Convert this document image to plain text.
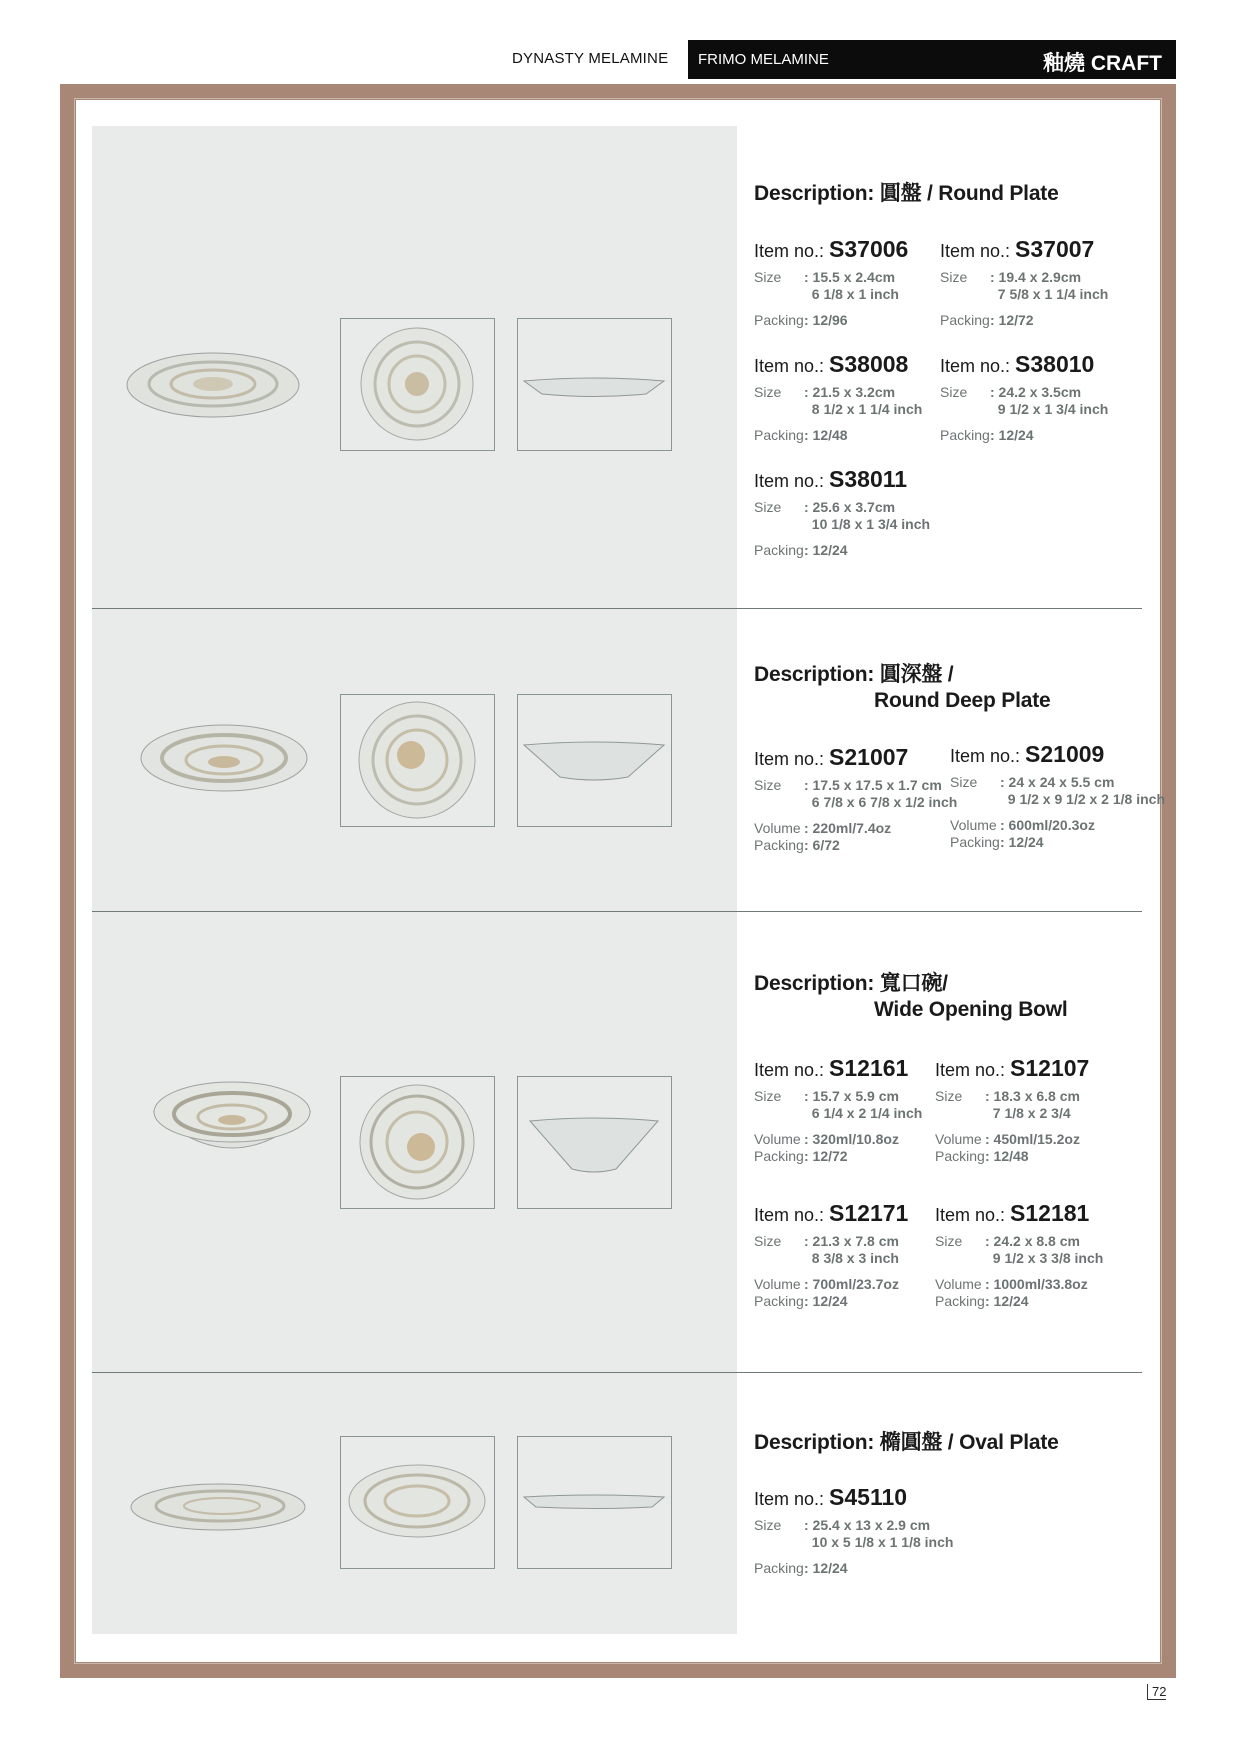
DYNASTY MELAMINE FRIMO MELAMINE	釉燒 CRAFT
Description: 圓盤 / Round Plate
Item no.: S37006
Size	: 15.5 x 2.4cm
6 1/8 x 1 inch
Packing : 12/96
Item no.: S37007
Size	: 19.4 x 2.9cm
7 5/8 x 1 1/4 inch
Packing : 12/72
Item no.: S38008
Size	: 21.5 x 3.2cm
8 1/2 x 1 1/4 inch
Packing : 12/48
Item no.: S38010
Size	: 24.2 x 3.5cm
9 1/2 x 1 3/4 inch
Packing : 12/24
Item no.: S38011
Size	: 25.6 x 3.7cm
10 1/8 x 1 3/4 inch
Packing : 12/24
Description: 圓深盤 /
Round Deep Plate
Item no.: S21007
Size	: 17.5 x 17.5 x 1.7 cm
6 7/8 x 6 7/8 x 1/2 inch
Volume : 220ml/7.4oz
Packing : 6/72
Item no.: S21009
Size	: 24 x 24 x 5.5 cm
9 1/2 x 9 1/2 x 2 1/8 inch
Volume : 600ml/20.3oz
Packing : 12/24
Description: 寬口碗/
Wide Opening Bowl
Item no.: S12161
Size	: 15.7 x 5.9 cm
6 1/4 x 2 1/4 inch
Volume : 320ml/10.8oz
Packing : 12/72
Item no.: S12107
Size	: 18.3 x 6.8 cm
7 1/8 x 2 3/4
Volume : 450ml/15.2oz
Packing : 12/48
Item no.: S12171
Size	: 21.3 x 7.8 cm
8 3/8 x 3 inch
Volume : 700ml/23.7oz
Packing : 12/24
Item no.: S12181
Size	: 24.2 x 8.8 cm
9 1/2 x 3 3/8 inch
Volume : 1000ml/33.8oz
Packing : 12/24
Description: 橢圓盤 / Oval Plate
Item no.: S45110
Size	: 25.4 x 13 x 2.9 cm
10 x 5 1/8 x 1 1/8 inch
Packing : 12/24
72
